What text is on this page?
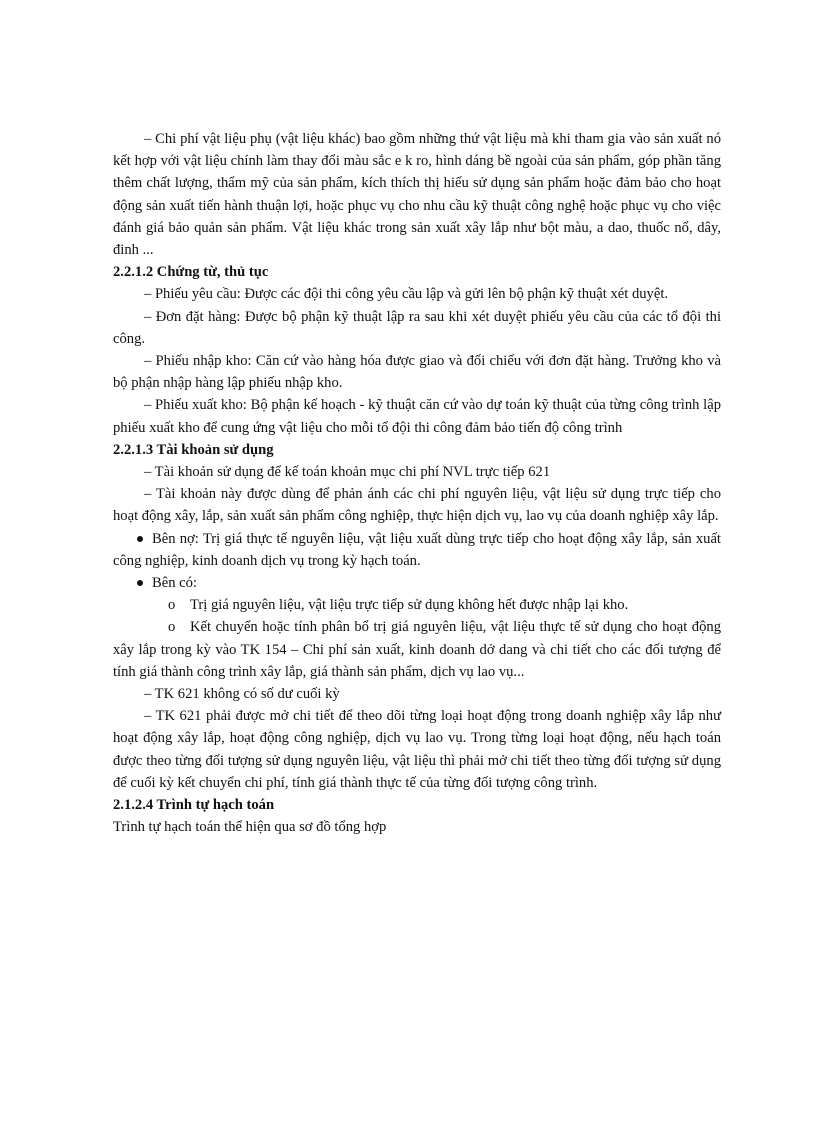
– Chi phí vật liệu phụ (vật liệu khác) bao gồm những thứ vật liệu mà khi tham gia vào sản xuất nó kết hợp với vật liệu chính làm thay đổi màu sắc e k ro, hình dáng bề ngoài của sản phẩm, góp phần tăng thêm chất lượng, thẩm mỹ của sản phẩm, kích thích thị hiếu sử dụng sản phẩm hoặc đảm bảo cho hoạt động sản xuất tiến hành thuận lợi, hoặc phục vụ cho nhu cầu kỹ thuật công nghệ hoặc phục vụ cho việc đánh giá bảo quản sản phẩm. Vật liệu khác trong sản xuất xây lắp như bột màu, a dao, thuốc nổ, dây, đinh ...

2.2.1.2 Chứng từ, thủ tục

– Phiếu yêu cầu: Được các đội thi công yêu cầu lập và gửi lên bộ phận kỹ thuật xét duyệt.

– Đơn đặt hàng: Được bộ phận kỹ thuật lập ra sau khi xét duyệt phiếu yêu cầu của các tổ đội thi công.

– Phiếu nhập kho: Căn cứ vào hàng hóa được giao và đối chiếu với đơn đặt hàng. Trưởng kho và bộ phận nhập hàng lập phiếu nhập kho.

– Phiếu xuất kho: Bộ phận kế hoạch - kỹ thuật căn cứ vào dự toán kỹ thuật của từng công trình lập phiếu xuất kho để cung ứng vật liệu cho mỗi tổ đội thi công đảm bảo tiến độ công trình

2.2.1.3 Tài khoản sử dụng

– Tài khoản sử dụng để kế toán khoản mục chi phí NVL trực tiếp 621

– Tài khoản này được dùng để phản ánh các chi phí nguyên liệu, vật liệu sử dụng trực tiếp cho hoạt động xây, lắp, sản xuất sản phẩm công nghiệp, thực hiện dịch vụ, lao vụ của doanh nghiệp xây lắp.

Bên nợ: Trị giá thực tế nguyên liệu, vật liệu xuất dùng trực tiếp cho hoạt động xây lắp, sản xuất công nghiệp, kinh doanh dịch vụ trong kỳ hạch toán.

Bên có:

o Trị giá nguyên liệu, vật liệu trực tiếp sử dụng không hết được nhập lại kho.

o Kết chuyển hoặc tính phân bổ trị giá nguyên liệu, vật liệu thực tế sử dụng cho hoạt động xây lắp trong kỳ vào TK 154 – Chi phí sản xuất, kinh doanh dở dang và chi tiết cho các đối tượng để tính giá thành công trình xây lắp, giá thành sản phẩm, dịch vụ lao vụ...

– TK 621 không có số dư cuối kỳ

– TK 621 phải được mở chi tiết để theo dõi từng loại hoạt động trong doanh nghiệp xây lắp như hoạt động xây lắp, hoạt động công nghiệp, dịch vụ lao vụ. Trong từng loại hoạt động, nếu hạch toán được theo từng đối tượng sử dụng nguyên liệu, vật liệu thì phải mở chi tiết theo từng đối tượng sử dụng để cuối kỳ kết chuyển chi phí, tính giá thành thực tế của từng đối tượng công trình.

2.1.2.4 Trình tự hạch toán

Trình tự hạch toán thể hiện qua sơ đồ tổng hợp
